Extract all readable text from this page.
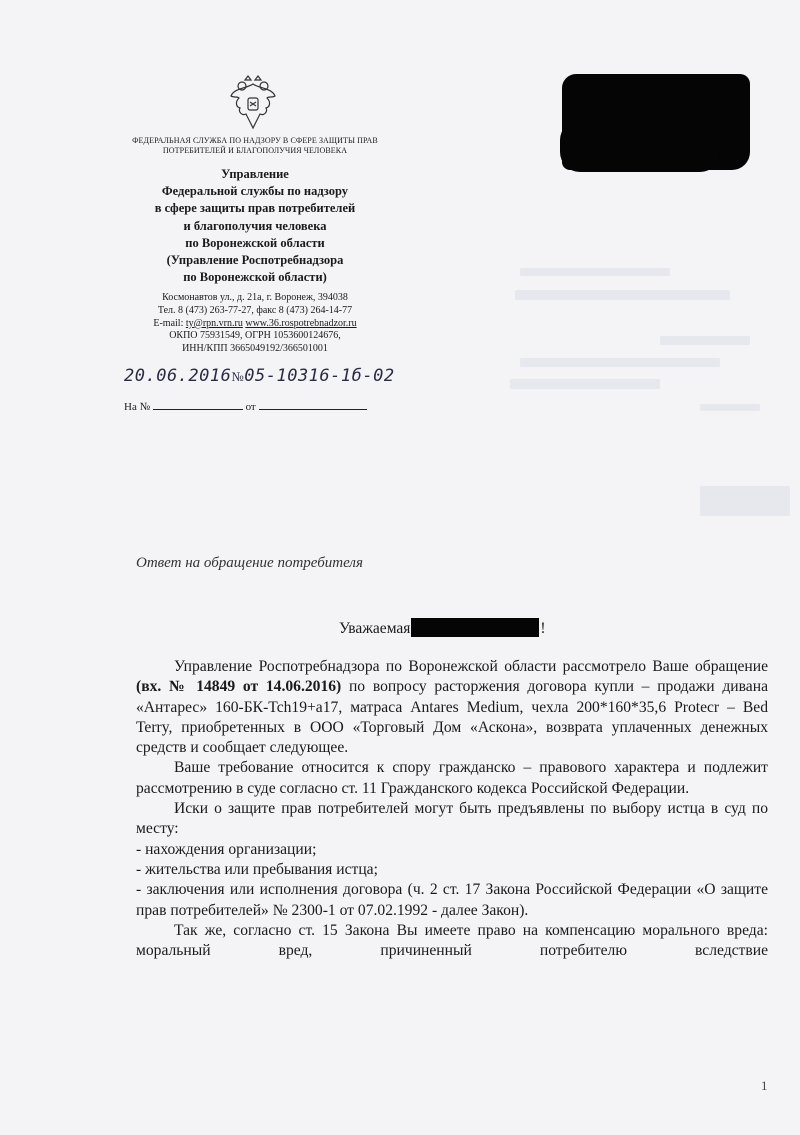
ФЕДЕРАЛЬНАЯ СЛУЖБА ПО НАДЗОРУ В СФЕРЕ ЗАЩИТЫ ПРАВ
ПОТРЕБИТЕЛЕЙ И БЛАГОПОЛУЧИЯ ЧЕЛОВЕКА
Управление
Федеральной службы по надзору
в сфере защиты прав потребителей
и благополучия человека
по Воронежской области
(Управление Роспотребнадзора
по Воронежской области)
Космонавтов ул., д. 21а, г. Воронеж, 394038
Тел. 8 (473) 263-77-27, факс 8 (473) 264-14-77
E-mail: ty@rpn.vrn.ru www.36.rospotrebnadzor.ru
ОКПО 75931549, ОГРН 1053600124676,
ИНН/КПП 3665049192/366501001
20.06.2016№05-10316-1б-02
На №	от
Ответ на обращение потребителя
Уважаемая	!

Управление Роспотребнадзора по Воронежской области рассмотрело Ваше обращение (вх. № 14849 от 14.06.2016) по вопросу расторжения договора купли – продажи дивана «Антарес» 160-БК-Tch19+a17, матраса Antares Medium, чехла 200*160*35,6 Protecr – Bed Terry, приобретенных в ООО «Торговый Дом «Аскона», возврата уплаченных денежных средств и сообщает следующее.

Ваше требование относится к спору гражданско – правового характера и подлежит рассмотрению в суде согласно ст. 11 Гражданского кодекса Российской Федерации.

Иски о защите прав потребителей могут быть предъявлены по выбору истца в суд по месту:

- нахождения организации;

- жительства или пребывания истца;

- заключения или исполнения договора (ч. 2 ст. 17 Закона Российской Федерации «О защите прав потребителей» № 2300-1 от 07.02.1992 - далее Закон).

Так же, согласно ст. 15 Закона Вы имеете право на компенсацию морального вреда: моральный вред, причиненный потребителю вследствие

1
